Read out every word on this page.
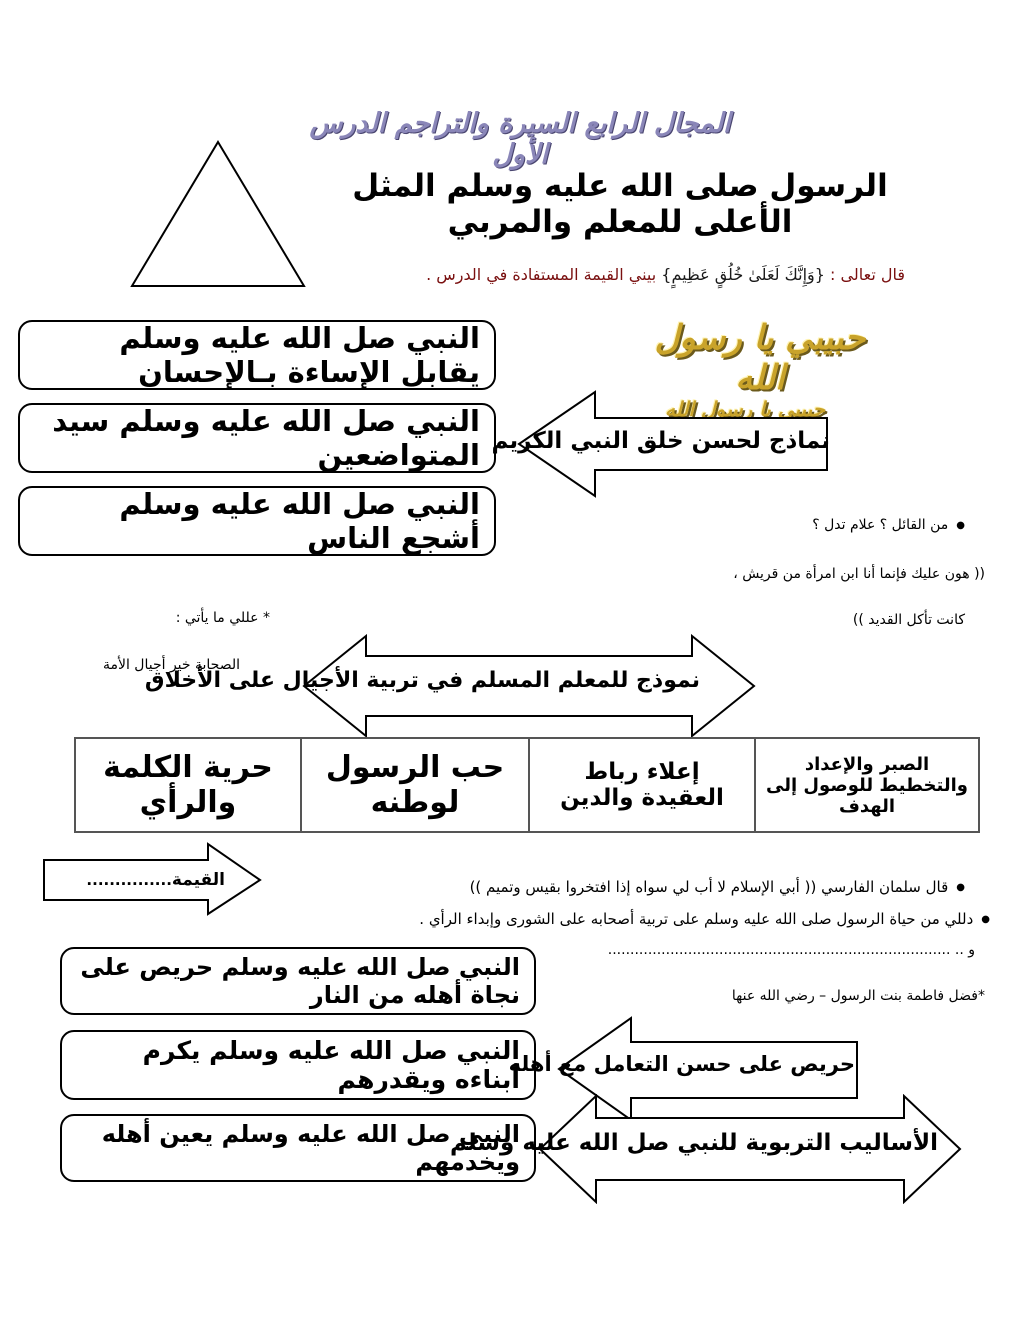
المجال الرابع السيرة والتراجم الدرس الأول
الرسول صلى الله عليه وسلم المثل الأعلى للمعلم والمربي
قال تعالى : {وَإِنَّكَ لَعَلَىٰ خُلُقٍ عَظِيمٍ} بيني القيمة المستفادة في الدرس .
حبيبي يا رسول الله
حبيبي يا رسول الله
النبي صل الله عليه وسلم يقابل الإساءة بـالإحسان
النبي صل الله عليه وسلم سيد المتواضعين
النبي صل الله عليه وسلم أشجع الناس
نماذج لحسن خلق النبي الكريم
● من القائل ؟ علام تدل ؟
(( هون عليك فإنما أنا ابن امرأة من قريش ،
كانت تأكل القديد ))
* عللي ما يأتي :
الصحابة خير أجيال الأمة
نموذج للمعلم المسلم في تربية الأجيال على الأخلاق
الصبر والإعداد والتخطيط للوصول إلى الهدف
إعلاء رباط العقيدة والدين
حب الرسول لوطنه
حرية الكلمة والرأي
القيمة...............
●	قال سلمان الفارسي (( أبي الإسلام لا أب لي سواه إذا افتخروا بقيس وتميم ))
● دللي من حياة الرسول صلى الله عليه وسلم على تربية أصحابه على الشورى وإبداء الرأي .
و .. .............................................................................
*فضل فاطمة بنت الرسول – رضي الله عنها
النبي صل الله عليه وسلم حريص على نجاة أهله من النار
النبي صل الله عليه وسلم يكرم أبناءه ويقدرهم
النبي صل الله عليه وسلم يعين أهله ويخدمهم
حريص على حسن التعامل مع أهله
الأساليب التربوية للنبي صل الله عليه وسلم
